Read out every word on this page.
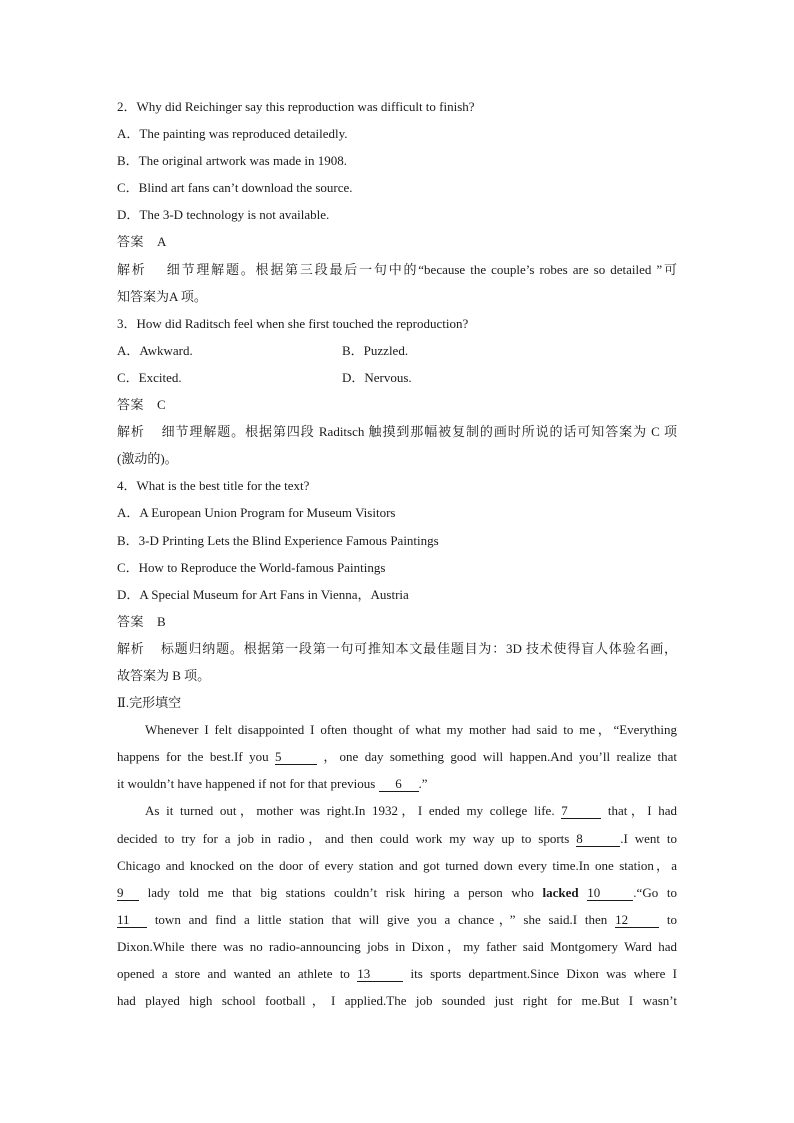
2．Why did Reichinger say this reproduction was difficult to finish?
A．The painting was reproduced detailedly.
B．The original artwork was made in 1908.
C．Blind art fans can’t download the source.
D．The 3-D technology is not available.
答案 A
解析 细节理解题。根据第三段最后一句中的“because the couple’s robes are so detailed ”可
知答案为A 项。
3．How did Raditsch feel when she first touched the reproduction?
A．Awkward.	B．Puzzled.
C．Excited.	D．Nervous.
答案 C
解析 细节理解题。根据第四段 Raditsch 触摸到那幅被复制的画时所说的话可知答案为 C 项
(激动的)。
4．What is the best title for the text?
A．A European Union Program for Museum Visitors
B．3-D Printing Lets the Blind Experience Famous Paintings
C．How to Reproduce the World-famous Paintings
D．A Special Museum for Art Fans in Vienna，Austria
答案 B
解析 标题归纳题。根据第一段第一句可推知本文最佳题目为：3D 技术使得盲人体验名画，
故答案为 B 项。
Ⅱ.完形填空
Whenever I felt disappointed I often thought of what my mother had said to me，“Everything
happens for the best.If you 5	，one day something good will happen.And you’ll realize that
it wouldn’t have happened if not for that previous 6 .”
As it turned out，mother was right.In 1932，I ended my college life. 7	that，I had
decided to try for a job in radio，and then could work my way up to sports 8	.I went to
Chicago and knocked on the door of every station and got turned down every time.In one station，a
9 lady told me that big stations couldn’t risk hiring a person who lacked 10	.“Go to
11 town and find a little station that will give you a chance，” she said.I then 12	to
Dixon.While there was no radio-announcing jobs in Dixon，my father said Montgomery Ward had
opened a store and wanted an athlete to 13	its sports department.Since Dixon was where I
had played high school football，I applied.The job sounded just right for me.But I wasn’t
